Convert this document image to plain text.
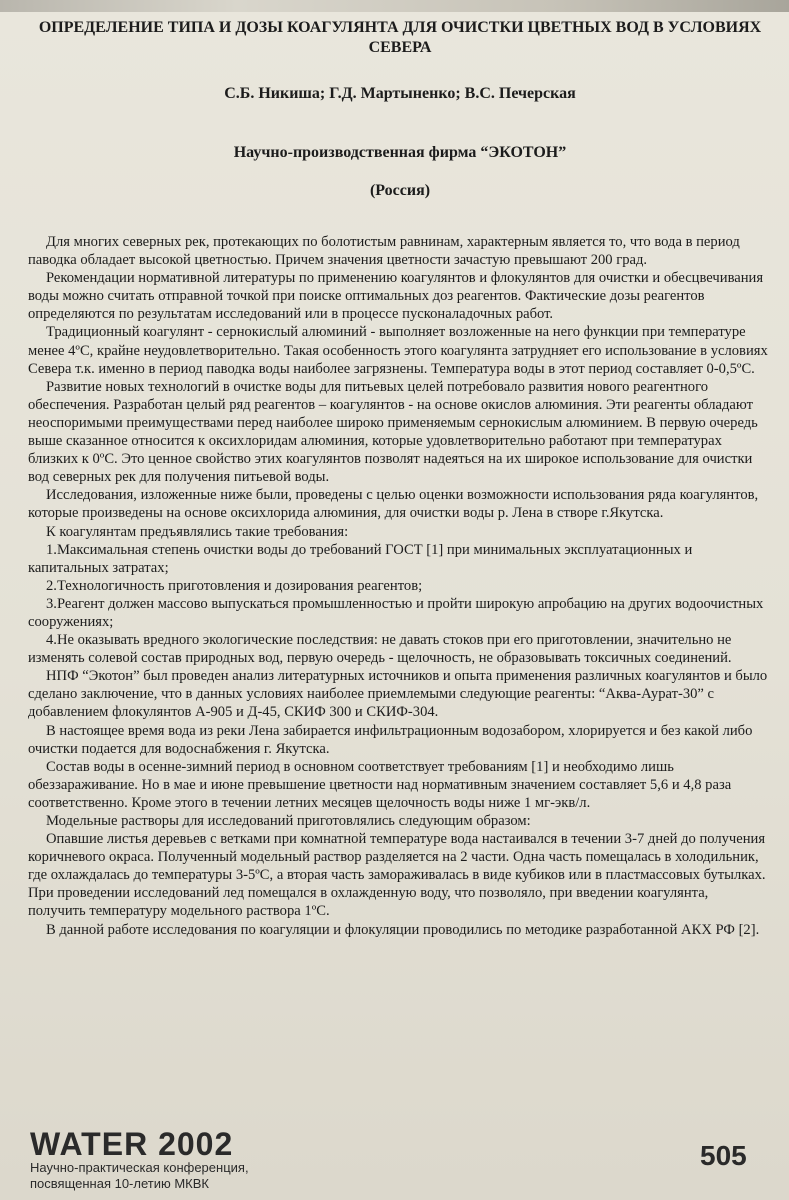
ОПРЕДЕЛЕНИЕ ТИПА И ДОЗЫ КОАГУЛЯНТА ДЛЯ ОЧИСТКИ ЦВЕТНЫХ ВОД В УСЛОВИЯХ СЕВЕРА
С.Б. Никиша; Г.Д. Мартыненко; В.С. Печерская
Научно-производственная фирма “ЭКОТОН”
(Россия)

Для многих северных рек, протекающих по болотистым равнинам, характерным является то, что вода в период паводка обладает высокой цветностью. Причем значения цветности зачастую превышают 200 град.

Рекомендации нормативной литературы по применению коагулянтов и флокулянтов для очистки и обесцвечивания воды можно считать отправной точкой при поиске оптимальных доз реагентов. Фактические дозы реагентов определяются по результатам исследований или в процессе пусконаладочных работ.

Традиционный коагулянт - сернокислый алюминий - выполняет возложенные на него функции при температуре менее 4ºС, крайне неудовлетворительно. Такая особенность этого коагулянта затрудняет его использование в условиях Севера т.к. именно в период паводка воды наиболее загрязнены. Температура воды в этот период составляет 0-0,5ºС.

Развитие новых технологий в очистке воды для питьевых целей потребовало развития нового реагентного обеспечения. Разработан целый ряд реагентов – коагулянтов - на основе окислов алюминия. Эти реагенты обладают неоспоримыми преимуществами перед наиболее широко применяемым сернокислым алюминием. В первую очередь выше сказанное относится к оксихлоридам алюминия, которые удовлетворительно работают при температурах близких к 0ºС. Это ценное свойство этих коагулянтов позволят надеяться на их широкое использование для очистки вод северных рек для получения питьевой воды.

Исследования, изложенные ниже были, проведены с целью оценки возможности использования ряда коагулянтов, которые произведены на основе оксихлорида алюминия, для очистки воды р. Лена в створе г.Якутска.

К коагулянтам предъявлялись такие требования:

1.Максимальная степень очистки воды до требований ГОСТ [1] при минимальных эксплуатационных и капитальных затратах;

2.Технологичность приготовления и дозирования реагентов;

3.Реагент должен массово выпускаться промышленностью и пройти широкую апробацию на других водоочистных сооружениях;

4.Не оказывать вредного экологические последствия: не давать стоков при его приготовлении, значительно не изменять солевой состав природных вод, первую очередь - щелочность, не образовывать токсичных соединений.

НПФ “Экотон” был проведен анализ литературных источников и опыта применения различных коагулянтов и было сделано заключение, что в данных условиях наиболее приемлемыми следующие реагенты: “Аква-Аурат-30” с добавлением флокулянтов А-905 и Д-45, СКИФ 300 и СКИФ-304.

В настоящее время вода из реки Лена забирается инфильтрационным водозабором, хлорируется и без какой либо очистки подается для водоснабжения г. Якутска.

Состав воды в осенне-зимний период в основном соответствует требованиям [1] и необходимо лишь обеззараживание. Но в мае и июне превышение цветности над нормативным значением составляет 5,6 и 4,8 раза соответственно. Кроме этого в течении летних месяцев щелочность воды ниже 1 мг-экв/л.

Модельные растворы для исследований приготовлялись следующим образом:

Опавшие листья деревьев с ветками при комнатной температуре вода настаивался в течении 3-7 дней до получения коричневого окраса. Полученный модельный раствор разделяется на 2 части. Одна часть помещалась в холодильник, где охлаждалась до температуры 3-5ºС, а вторая часть замораживалась в виде кубиков или в пластмассовых бутылках. При проведении исследований лед помещался в охлажденную воду, что позволяло, при введении коагулянта, получить температуру модельного раствора 1ºС.

В данной работе исследования по коагуляции и флокуляции проводились по методике разработанной АКХ РФ [2].

WATER 2002
Научно-практическая конференция,
посвященная 10-летию МКВК
505
